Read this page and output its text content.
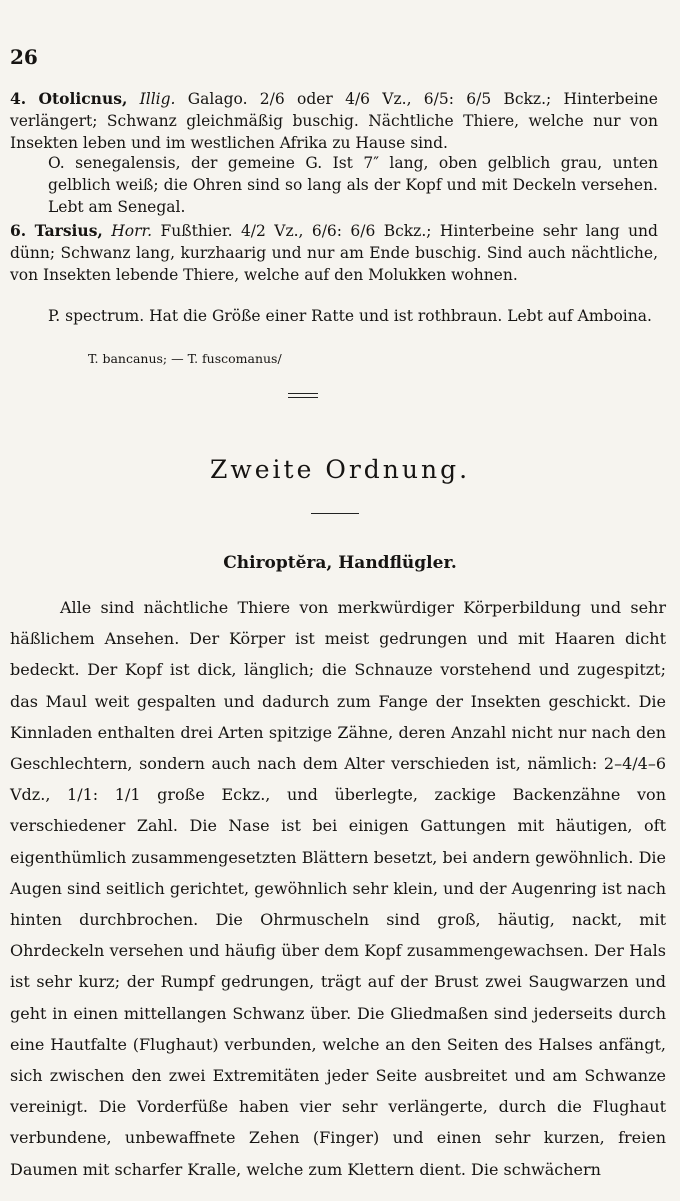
26
4. Otolicnus, Illig. Galago. 2/6 oder 4/6 Vz., 6/5: 6/5 Bckz.; Hinterbeine verlängert; Schwanz gleichmäßig buschig. Nächtliche Thiere, welche nur von Insekten leben und im westlichen Afrika zu Hause sind.
O. senegalensis, der gemeine G. Ist 7″ lang, oben gelblich grau, unten gelblich weiß; die Ohren sind so lang als der Kopf und mit Deckeln versehen. Lebt am Senegal.
6. Tarsius, Horr. Fußthier. 4/2 Vz., 6/6: 6/6 Bckz.; Hinterbeine sehr lang und dünn; Schwanz lang, kurzhaarig und nur am Ende buschig. Sind auch nächtliche, von Insekten lebende Thiere, welche auf den Molukken wohnen.
P. spectrum. Hat die Größe einer Ratte und ist rothbraun. Lebt auf Amboina.
T. bancanus; — T. fuscomanus/
Zweite Ordnung.
Chiroptĕra, Handflügler.
Alle sind nächtliche Thiere von merkwürdiger Körperbildung und sehr häßlichem Ansehen. Der Körper ist meist gedrungen und mit Haaren dicht bedeckt. Der Kopf ist dick, länglich; die Schnauze vorstehend und zugespitzt; das Maul weit gespalten und dadurch zum Fange der Insekten geschickt. Die Kinnladen enthalten drei Arten spitzige Zähne, deren Anzahl nicht nur nach den Geschlechtern, sondern auch nach dem Alter verschieden ist, nämlich: 2–4/4–6 Vdz., 1/1: 1/1 große Eckz., und überlegte, zackige Backenzähne von verschiedener Zahl. Die Nase ist bei einigen Gattungen mit häutigen, oft eigenthümlich zusammengesetzten Blättern besetzt, bei andern gewöhnlich. Die Augen sind seitlich gerichtet, gewöhnlich sehr klein, und der Augenring ist nach hinten durchbrochen. Die Ohrmuscheln sind groß, häutig, nackt, mit Ohrdeckeln versehen und häufig über dem Kopf zusammengewachsen. Der Hals ist sehr kurz; der Rumpf gedrungen, trägt auf der Brust zwei Saugwarzen und geht in einen mittellangen Schwanz über. Die Gliedmaßen sind jederseits durch eine Hautfalte (Flughaut) verbunden, welche an den Seiten des Halses anfängt, sich zwischen den zwei Extremitäten jeder Seite ausbreitet und am Schwanze vereinigt. Die Vorderfüße haben vier sehr verlängerte, durch die Flughaut verbundene, unbewaffnete Zehen (Finger) und einen sehr kurzen, freien Daumen mit scharfer Kralle, welche zum Klettern dient. Die schwächern
